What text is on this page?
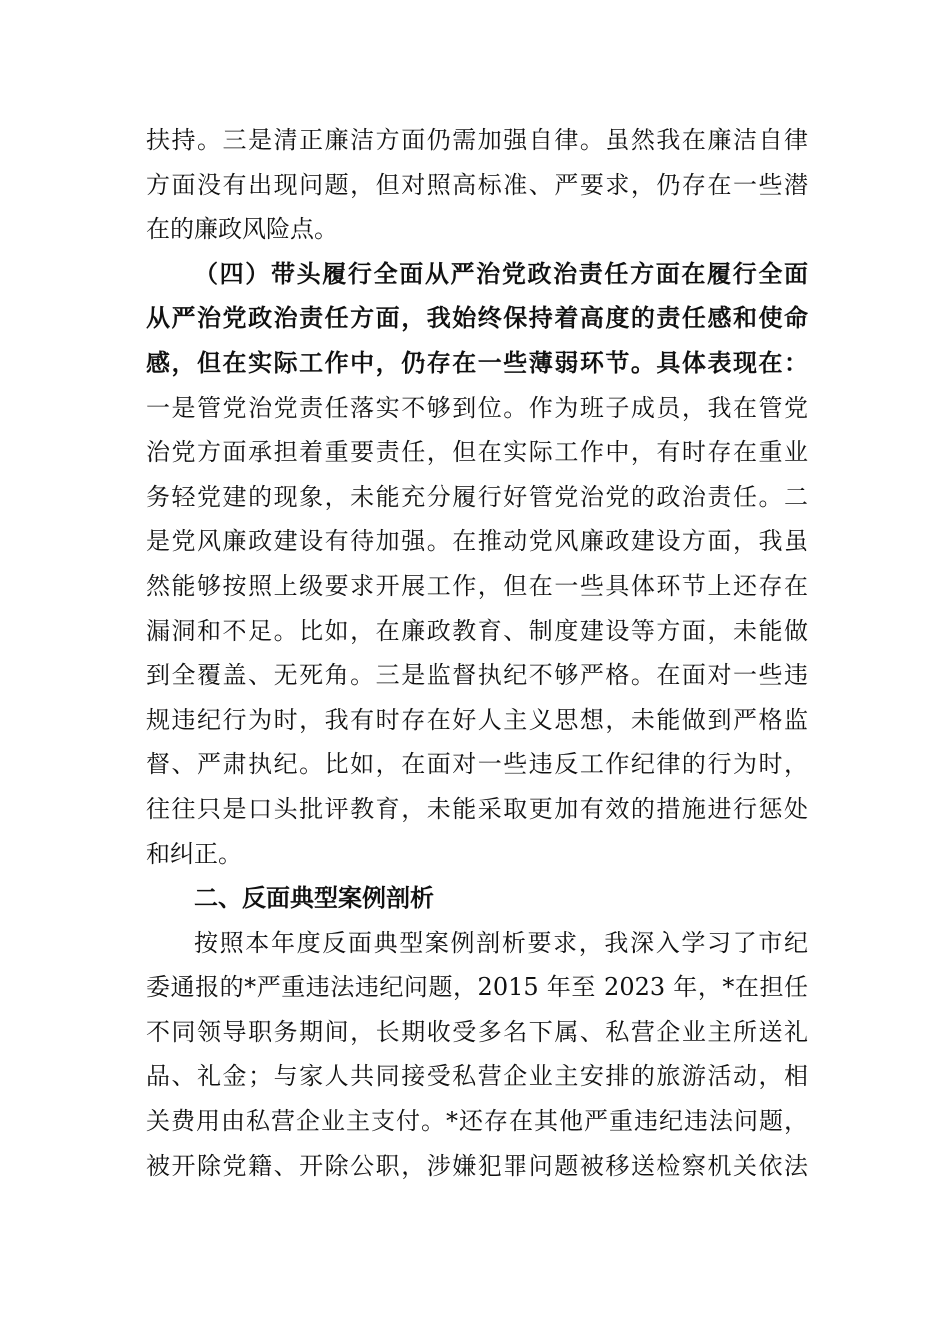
扶持。三是清正廉洁方面仍需加强自律。虽然我在廉洁自律
方面没有出现问题，但对照高标准、严要求，仍存在一些潜
在的廉政风险点。
（四）带头履行全面从严治党政治责任方面在履行全面
从严治党政治责任方面，我始终保持着高度的责任感和使命
感，但在实际工作中，仍存在一些薄弱环节。具体表现在：
一是管党治党责任落实不够到位。作为班子成员，我在管党
治党方面承担着重要责任，但在实际工作中，有时存在重业
务轻党建的现象，未能充分履行好管党治党的政治责任。二
是党风廉政建设有待加强。在推动党风廉政建设方面，我虽
然能够按照上级要求开展工作，但在一些具体环节上还存在
漏洞和不足。比如，在廉政教育、制度建设等方面，未能做
到全覆盖、无死角。三是监督执纪不够严格。在面对一些违
规违纪行为时，我有时存在好人主义思想，未能做到严格监
督、严肃执纪。比如，在面对一些违反工作纪律的行为时，
往往只是口头批评教育，未能采取更加有效的措施进行惩处
和纠正。
二、反面典型案例剖析
按照本年度反面典型案例剖析要求，我深入学习了市纪
委通报的*严重违法违纪问题，2015 年至 2023 年，*在担任
不同领导职务期间，长期收受多名下属、私营企业主所送礼
品、礼金；与家人共同接受私营企业主安排的旅游活动，相
关费用由私营企业主支付。*还存在其他严重违纪违法问题，
被开除党籍、开除公职，涉嫌犯罪问题被移送检察机关依法
